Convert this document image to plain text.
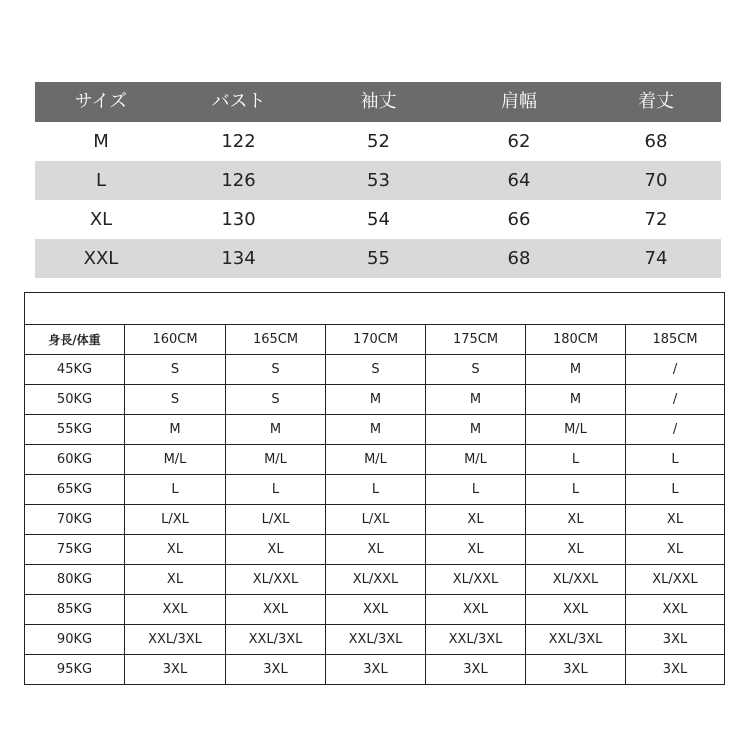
サイズ	バスト	袖丈	肩幅	着丈
M	122	52	62	68
L	126	53	64	70
XL	130	54	66	72
XXL	134	55	68	74

身長/体重	160CM	165CM	170CM	175CM	180CM	185CM
45KG	S	S	S	S	M	/
50KG	S	S	M	M	M	/
55KG	M	M	M	M	M/L	/
60KG	M/L	M/L	M/L	M/L	L	L
65KG	L	L	L	L	L	L
70KG	L/XL	L/XL	L/XL	XL	XL	XL
75KG	XL	XL	XL	XL	XL	XL
80KG	XL	XL/XXL	XL/XXL	XL/XXL	XL/XXL	XL/XXL
85KG	XXL	XXL	XXL	XXL	XXL	XXL
90KG	XXL/3XL	XXL/3XL	XXL/3XL	XXL/3XL	XXL/3XL	3XL
95KG	3XL	3XL	3XL	3XL	3XL	3XL
